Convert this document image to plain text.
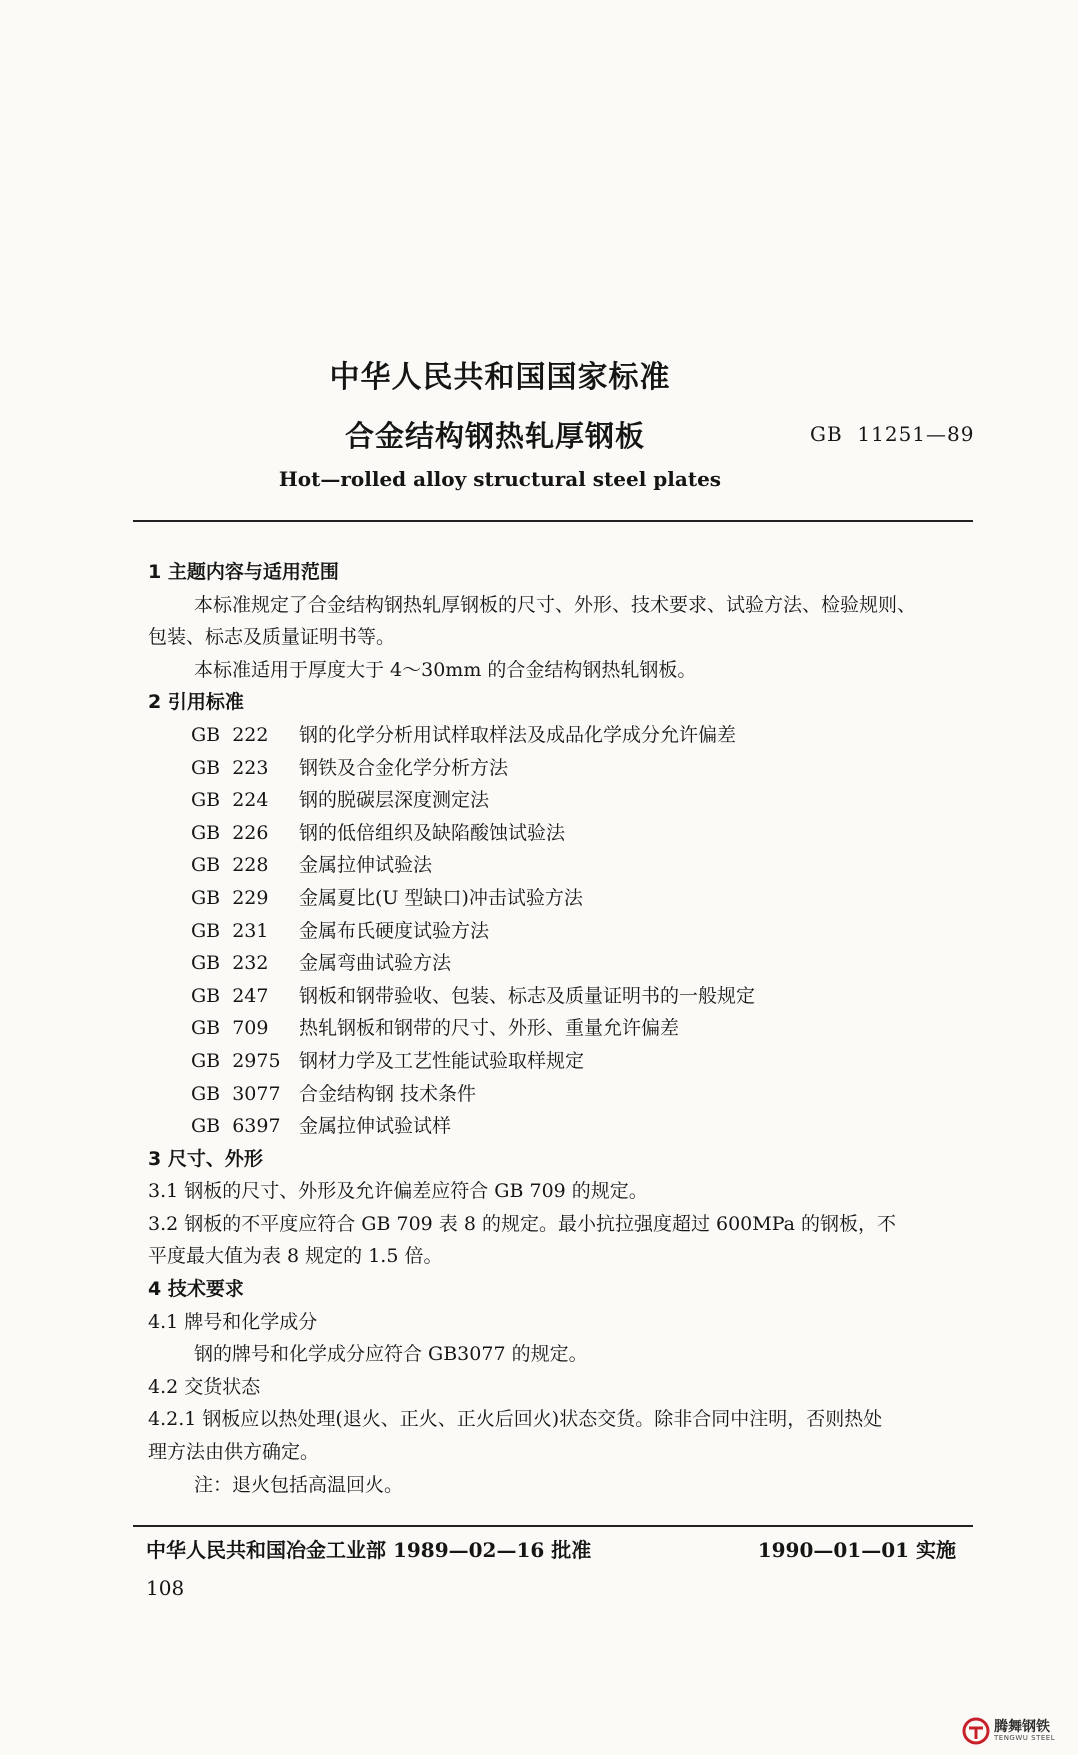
中华人民共和国国家标准
合金结构钢热轧厚钢板	GB  11251—89
Hot—rolled alloy structural steel plates
1 主题内容与适用范围
本标准规定了合金结构钢热轧厚钢板的尺寸、外形、技术要求、试验方法、检验规则、
包装、标志及质量证明书等。
本标准适用于厚度大于 4～30mm 的合金结构钢热轧钢板。
2 引用标准
GB  222 钢的化学分析用试样取样法及成品化学成分允许偏差
GB  223 钢铁及合金化学分析方法
GB  224 钢的脱碳层深度测定法
GB  226 钢的低倍组织及缺陷酸蚀试验法
GB  228 金属拉伸试验法
GB  229 金属夏比(U 型缺口)冲击试验方法
GB  231 金属布氏硬度试验方法
GB  232 金属弯曲试验方法
GB  247 钢板和钢带验收、包装、标志及质量证明书的一般规定
GB  709 热轧钢板和钢带的尺寸、外形、重量允许偏差
GB  2975 钢材力学及工艺性能试验取样规定
GB  3077 合金结构钢 技术条件
GB  6397 金属拉伸试验试样
3 尺寸、外形
3.1 钢板的尺寸、外形及允许偏差应符合 GB 709 的规定。
3.2 钢板的不平度应符合 GB 709 表 8 的规定。最小抗拉强度超过 600MPa 的钢板，不
平度最大值为表 8 规定的 1.5 倍。
4 技术要求
4.1 牌号和化学成分
钢的牌号和化学成分应符合 GB3077 的规定。
4.2 交货状态
4.2.1 钢板应以热处理(退火、正火、正火后回火)状态交货。除非合同中注明，否则热处
理方法由供方确定。
注：退火包括高温回火。
中华人民共和国冶金工业部 1989—02—16 批准	1990—01—01 实施
108
腾舞钢铁
TENGWU STEEL
